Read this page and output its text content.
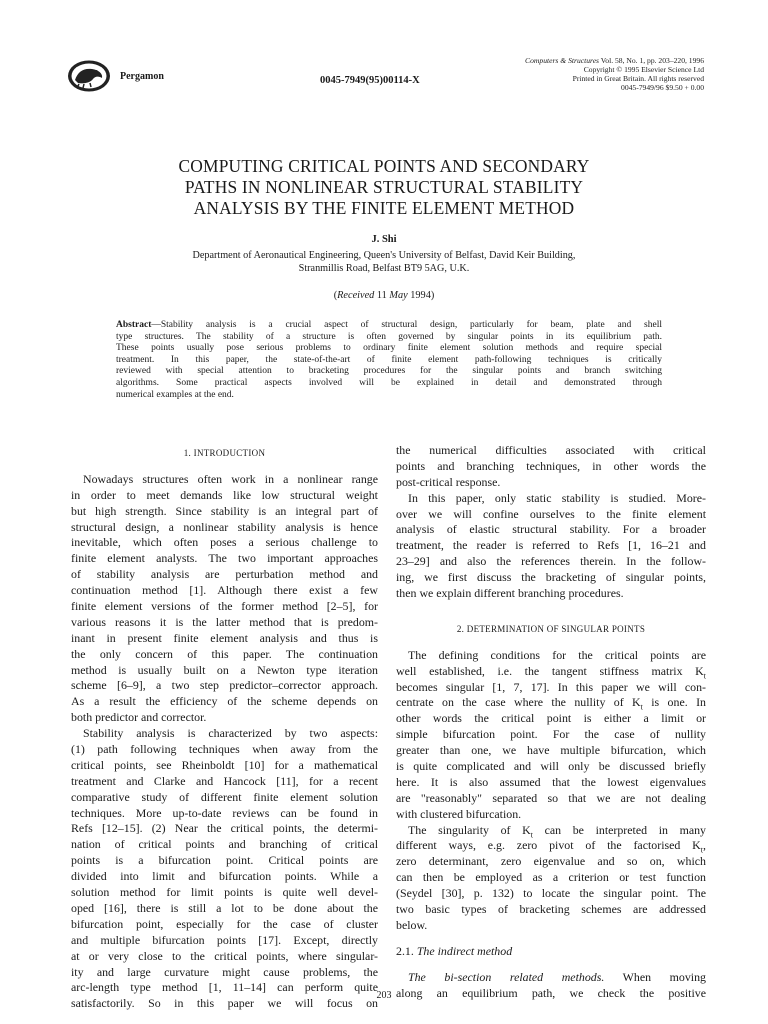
Pergamon	0045-7949(95)00114-X
Computers & Structures Vol. 58, No. 1, pp. 203–220, 1996
Copyright © 1995 Elsevier Science Ltd
Printed in Great Britain. All rights reserved
0045-7949/96 $9.50 + 0.00
COMPUTING CRITICAL POINTS AND SECONDARY
PATHS IN NONLINEAR STRUCTURAL STABILITY
ANALYSIS BY THE FINITE ELEMENT METHOD
J. Shi
Department of Aeronautical Engineering, Queen's University of Belfast, David Keir Building,
Stranmillis Road, Belfast BT9 5AG, U.K.
(Received 11 May 1994)
Abstract—Stability analysis is a crucial aspect of structural design, particularly for beam, plate and shell
type structures. The stability of a structure is often governed by singular points in its equilibrium path.
These points usually pose serious problems to ordinary finite element solution methods and require special
treatment. In this paper, the state-of-the-art of finite element path-following techniques is critically
reviewed with special attention to bracketing procedures for the singular points and branch switching
algorithms. Some practical aspects involved will be explained in detail and demonstrated through
numerical examples at the end.
1. INTRODUCTION
Nowadays structures often work in a nonlinear range
in order to meet demands like low structural weight
but high strength. Since stability is an integral part of
structural design, a nonlinear stability analysis is hence
inevitable, which often poses a serious challenge to
finite element analysts. The two important approaches
of stability analysis are perturbation method and
continuation method [1]. Although there exist a few
finite element versions of the former method [2–5], for
various reasons it is the latter method that is predom-
inant in present finite element analysis and thus is
the only concern of this paper. The continuation
method is usually built on a Newton type iteration
scheme [6–9], a two step predictor–corrector approach.
As a result the efficiency of the scheme depends on
both predictor and corrector.
Stability analysis is characterized by two aspects:
(1) path following techniques when away from the
critical points, see Rheinboldt [10] for a mathematical
treatment and Clarke and Hancock [11], for a recent
comparative study of different finite element solution
techniques. More up-to-date reviews can be found in
Refs [12–15]. (2) Near the critical points, the determi-
nation of critical points and branching of critical
points is a bifurcation point. Critical points are
divided into limit and bifurcation points. While a
solution method for limit points is quite well devel-
oped [16], there is still a lot to be done about the
bifurcation point, especially for the case of cluster
and multiple bifurcation points [17]. Except, directly
at or very close to the critical points, where singular-
ity and large curvature might cause problems, the
arc-length type method [1, 11–14] can perform quite
satisfactorily. So in this paper we will focus on
the numerical difficulties associated with critical
points and branching techniques, in other words the
post-critical response.
In this paper, only static stability is studied. More-
over we will confine ourselves to the finite element
analysis of elastic structural stability. For a broader
treatment, the reader is referred to Refs [1, 16–21 and
23–29] and also the references therein. In the follow-
ing, we first discuss the bracketing of singular points,
then we explain different branching procedures.
2. DETERMINATION OF SINGULAR POINTS
The defining conditions for the critical points are
well established, i.e. the tangent stiffness matrix $K_t$
becomes singular [1, 7, 17]. In this paper we will con-
centrate on the case where the nullity of $K_t$ is one. In
other words the critical point is either a limit or
simple bifurcation point. For the case of nullity
greater than one, we have multiple bifurcation, which
is quite complicated and will only be discussed briefly
here. It is also assumed that the lowest eigenvalues
are "reasonably" separated so that we are not dealing
with clustered bifurcation.
The singularity of $K_t$ can be interpreted in many
different ways, e.g. zero pivot of the factorised $K_t$,
zero determinant, zero eigenvalue and so on, which
can then be employed as a criterion or test function
(Seydel [30], p. 132) to locate the singular point. The
two basic types of bracketing schemes are addressed
below.
2.1. The indirect method
The bi-section related methods. When moving
along an equilibrium path, we check the positive
203
